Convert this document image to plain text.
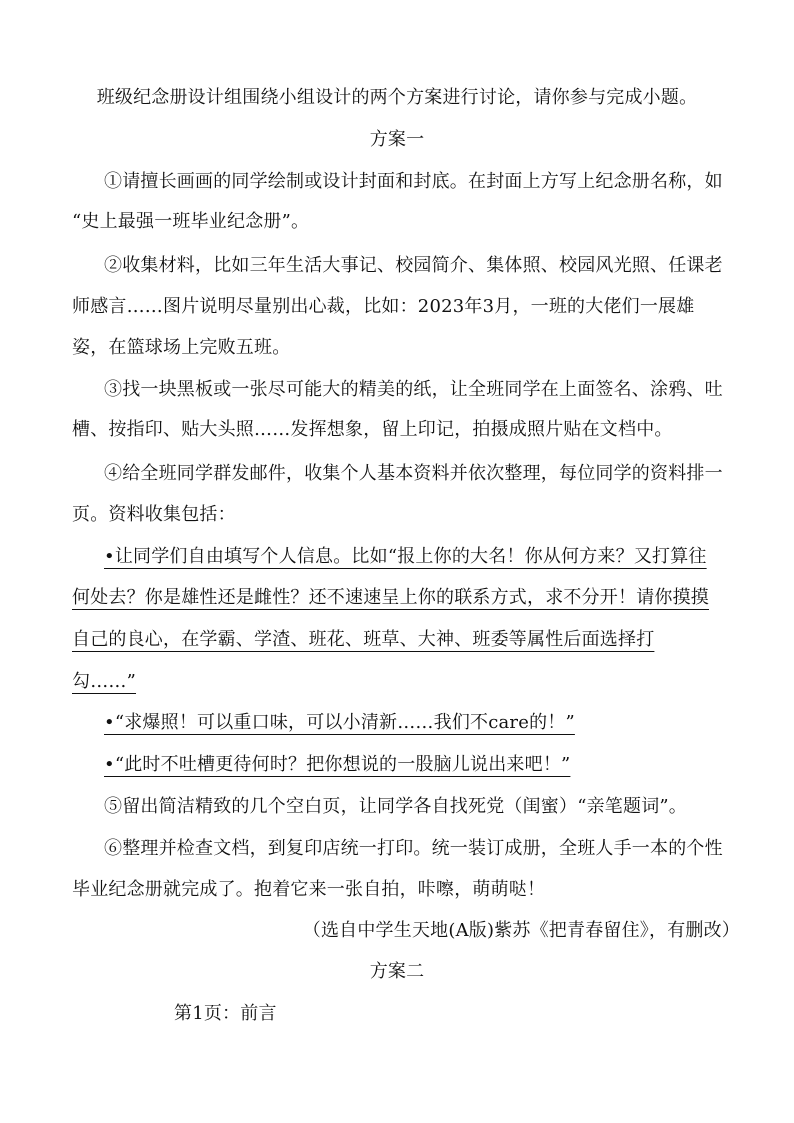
班级纪念册设计组围绕小组设计的两个方案进行讨论，请你参与完成小题。
方案一
①请擅长画画的同学绘制或设计封面和封底。在封面上方写上纪念册名称，如
“史上最强一班毕业纪念册”。
②收集材料，比如三年生活大事记、校园简介、集体照、校园风光照、任课老
师感言……图片说明尽量别出心裁，比如：2023年3月，一班的大佬们一展雄
姿，在篮球场上完败五班。
③找一块黑板或一张尽可能大的精美的纸，让全班同学在上面签名、涂鸦、吐
槽、按指印、贴大头照……发挥想象，留上印记，拍摄成照片贴在文档中。
④给全班同学群发邮件，收集个人基本资料并依次整理，每位同学的资料排一
页。资料收集包括：
•让同学们自由填写个人信息。比如“报上你的大名！你从何方来？又打算往
何处去？你是雄性还是雌性？还不速速呈上你的联系方式，求不分开！请你摸摸
自己的良心，在学霸、学渣、班花、班草、大神、班委等属性后面选择打
勾……”
•“求爆照！可以重口味，可以小清新……我们不care的！”
•“此时不吐槽更待何时？把你想说的一股脑儿说出来吧！”
⑤留出简洁精致的几个空白页，让同学各自找死党（闺蜜）“亲笔题词”。
⑥整理并检查文档，到复印店统一打印。统一装订成册，全班人手一本的个性
毕业纪念册就完成了。抱着它来一张自拍，咔嚓，萌萌哒！
（选自中学生天地(A版)紫苏《把青春留住》，有删改）
方案二
第1页：前言
